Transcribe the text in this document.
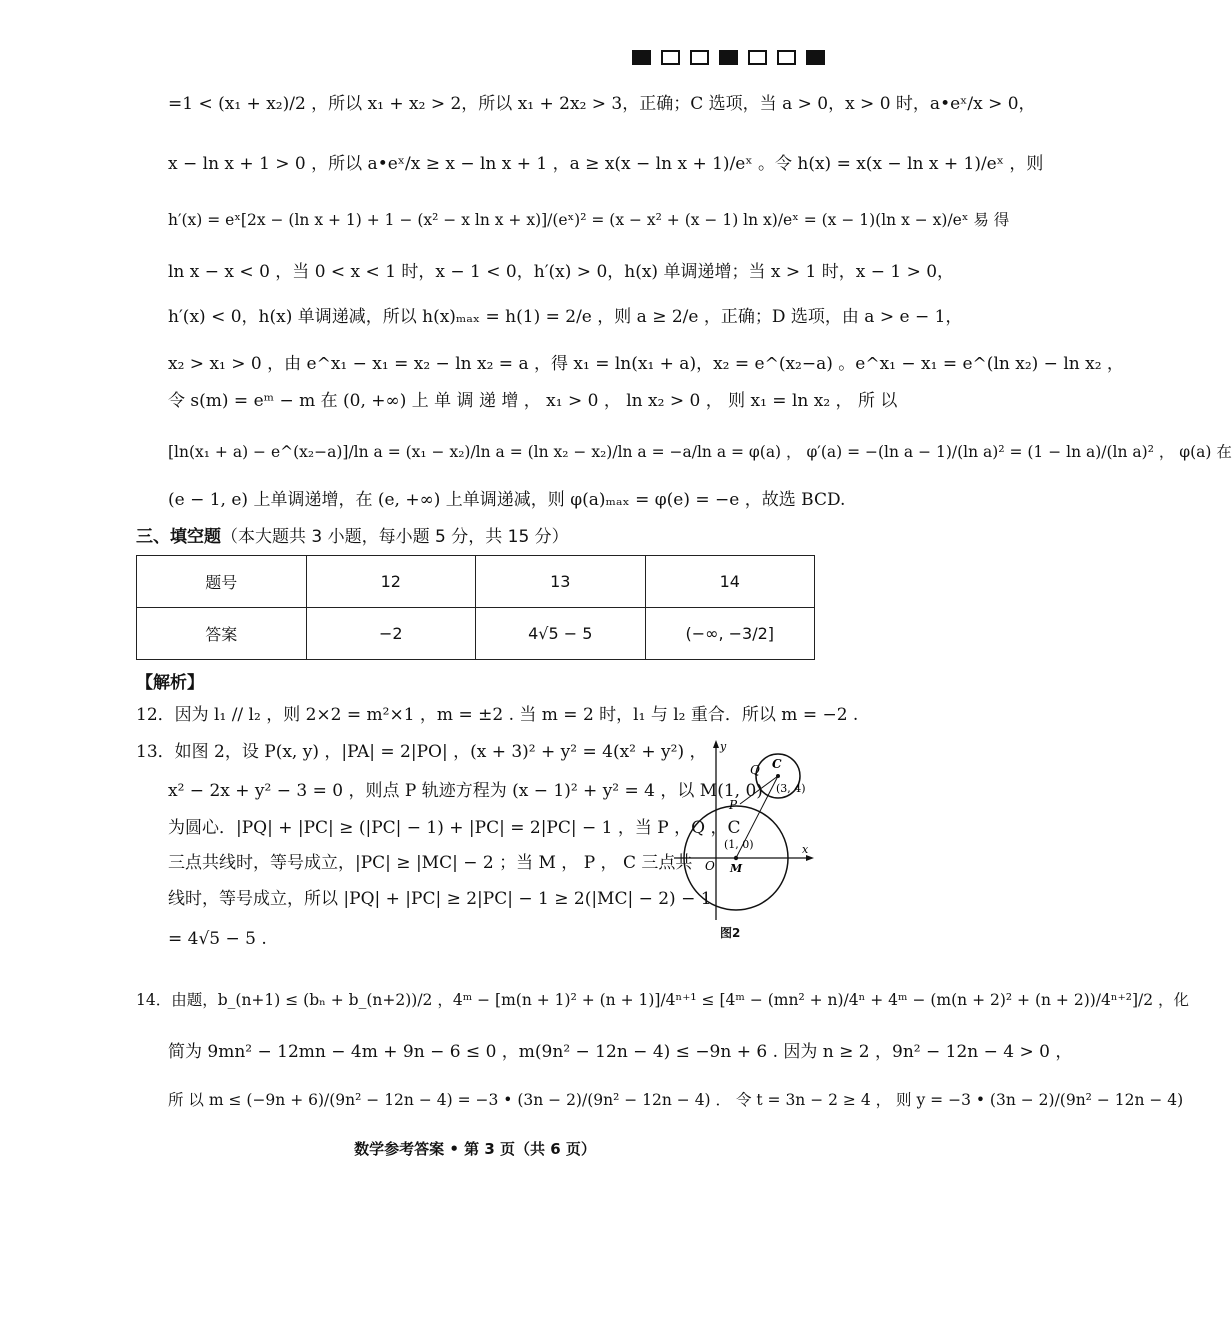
=1 < (x₁ + x₂)/2 ，所以 x₁ + x₂ > 2，所以 x₁ + 2x₂ > 3，正确；C 选项，当 a > 0，x > 0 时，a•eˣ/x > 0，
x − ln x + 1 > 0 ，所以 a•eˣ/x ≥ x − ln x + 1 ，a ≥ x(x − ln x + 1)/eˣ 。令 h(x) = x(x − ln x + 1)/eˣ ，则
h′(x) = eˣ[2x − (ln x + 1) + 1 − (x² − x ln x + x)]/(eˣ)² = (x − x² + (x − 1) ln x)/eˣ = (x − 1)(ln x − x)/eˣ 易 得
ln x − x < 0 ，当 0 < x < 1 时，x − 1 < 0，h′(x) > 0，h(x) 单调递增；当 x > 1 时，x − 1 > 0，
h′(x) < 0，h(x) 单调递减，所以 h(x)ₘₐₓ = h(1) = 2/e ，则 a ≥ 2/e ，正确；D 选项，由 a > e − 1，
x₂ > x₁ > 0 ，由 e^x₁ − x₁ = x₂ − ln x₂ = a ，得 x₁ = ln(x₁ + a)，x₂ = e^(x₂−a) 。e^x₁ − x₁ = e^(ln x₂) − ln x₂ ，
令 s(m) = eᵐ − m 在 (0, +∞) 上 单 调 递 增 ， x₁ > 0 ， ln x₂ > 0 ， 则 x₁ = ln x₂ ， 所 以
[ln(x₁ + a) − e^(x₂−a)]/ln a = (x₁ − x₂)/ln a = (ln x₂ − x₂)/ln a = −a/ln a = φ(a) ， φ′(a) = −(ln a − 1)/(ln a)² = (1 − ln a)/(ln a)² ， φ(a) 在
(e − 1, e) 上单调递增，在 (e, +∞) 上单调递减，则 φ(a)ₘₐₓ = φ(e) = −e ，故选 BCD.
三、填空题（本大题共 3 小题，每小题 5 分，共 15 分）
题号	12	13	14
答案	−2	4√5 − 5	(−∞, −3/2]
【解析】
12．因为 l₁ // l₂ ，则 2×2 = m²×1 ，m = ±2 . 当 m = 2 时，l₁ 与 l₂ 重合．所以 m = −2 .
13．如图 2，设 P(x, y) ，|PA| = 2|PO| ，(x + 3)² + y² = 4(x² + y²) ，
x² − 2x + y² − 3 = 0 ，则点 P 轨迹方程为 (x − 1)² + y² = 4 ，以 M(1, 0)
为圆心．|PQ| + |PC| ≥ (|PC| − 1) + |PC| = 2|PC| − 1 ，当 P ，Q ，C
三点共线时，等号成立，|PC| ≥ |MC| − 2 ；当 M ， P ， C 三点共
线时，等号成立，所以 |PQ| + |PC| ≥ 2|PC| − 1 ≥ 2(|MC| − 2) − 1
= 4√5 − 5 .
y
x
O
(1, 0)
M
C
(3, 4)
Q
P
图2
14．由题，b_(n+1) ≤ (bₙ + b_(n+2))/2 ，4ᵐ − [m(n + 1)² + (n + 1)]/4ⁿ⁺¹ ≤ [4ᵐ − (mn² + n)/4ⁿ + 4ᵐ − (m(n + 2)² + (n + 2))/4ⁿ⁺²]/2 ，化
简为 9mn² − 12mn − 4m + 9n − 6 ≤ 0 ，m(9n² − 12n − 4) ≤ −9n + 6 . 因为 n ≥ 2 ，9n² − 12n − 4 > 0 ，
所 以 m ≤ (−9n + 6)/(9n² − 12n − 4) = −3 • (3n − 2)/(9n² − 12n − 4) ． 令 t = 3n − 2 ≥ 4 ， 则 y = −3 • (3n − 2)/(9n² − 12n − 4)
数学参考答案 • 第 3 页（共 6 页）
